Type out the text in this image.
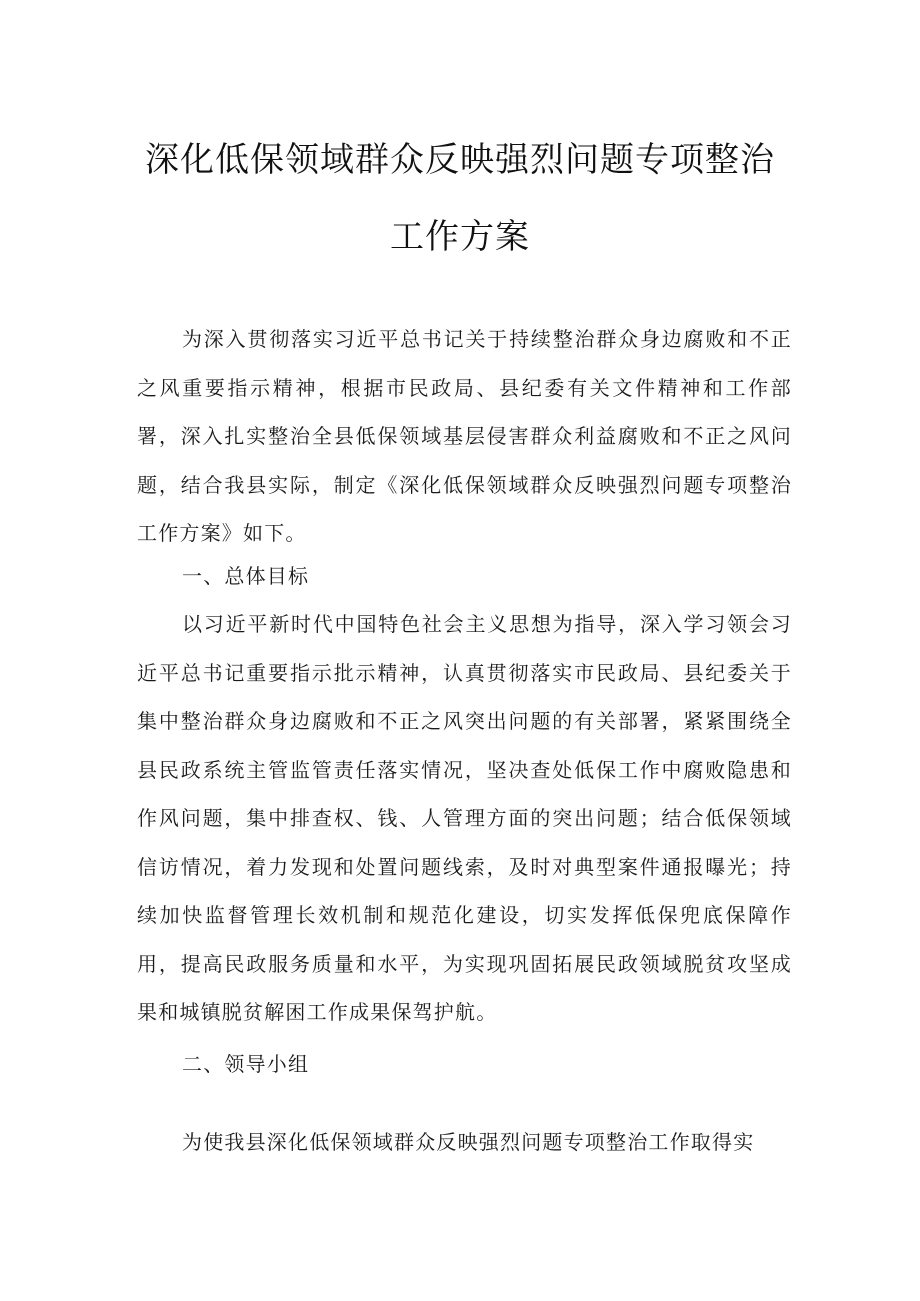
深化低保领域群众反映强烈问题专项整治
工作方案

为深入贯彻落实习近平总书记关于持续整治群众身边腐败和不正之风重要指示精神，根据市民政局、县纪委有关文件精神和工作部署，深入扎实整治全县低保领域基层侵害群众利益腐败和不正之风问题，结合我县实际，制定《深化低保领域群众反映强烈问题专项整治工作方案》如下。

一、总体目标

以习近平新时代中国特色社会主义思想为指导，深入学习领会习近平总书记重要指示批示精神，认真贯彻落实市民政局、县纪委关于集中整治群众身边腐败和不正之风突出问题的有关部署，紧紧围绕全县民政系统主管监管责任落实情况，坚决查处低保工作中腐败隐患和作风问题，集中排查权、钱、人管理方面的突出问题；结合低保领域信访情况，着力发现和处置问题线索，及时对典型案件通报曝光；持续加快监督管理长效机制和规范化建设，切实发挥低保兜底保障作用，提高民政服务质量和水平，为实现巩固拓展民政领域脱贫攻坚成果和城镇脱贫解困工作成果保驾护航。

二、领导小组

为使我县深化低保领域群众反映强烈问题专项整治工作取得实
